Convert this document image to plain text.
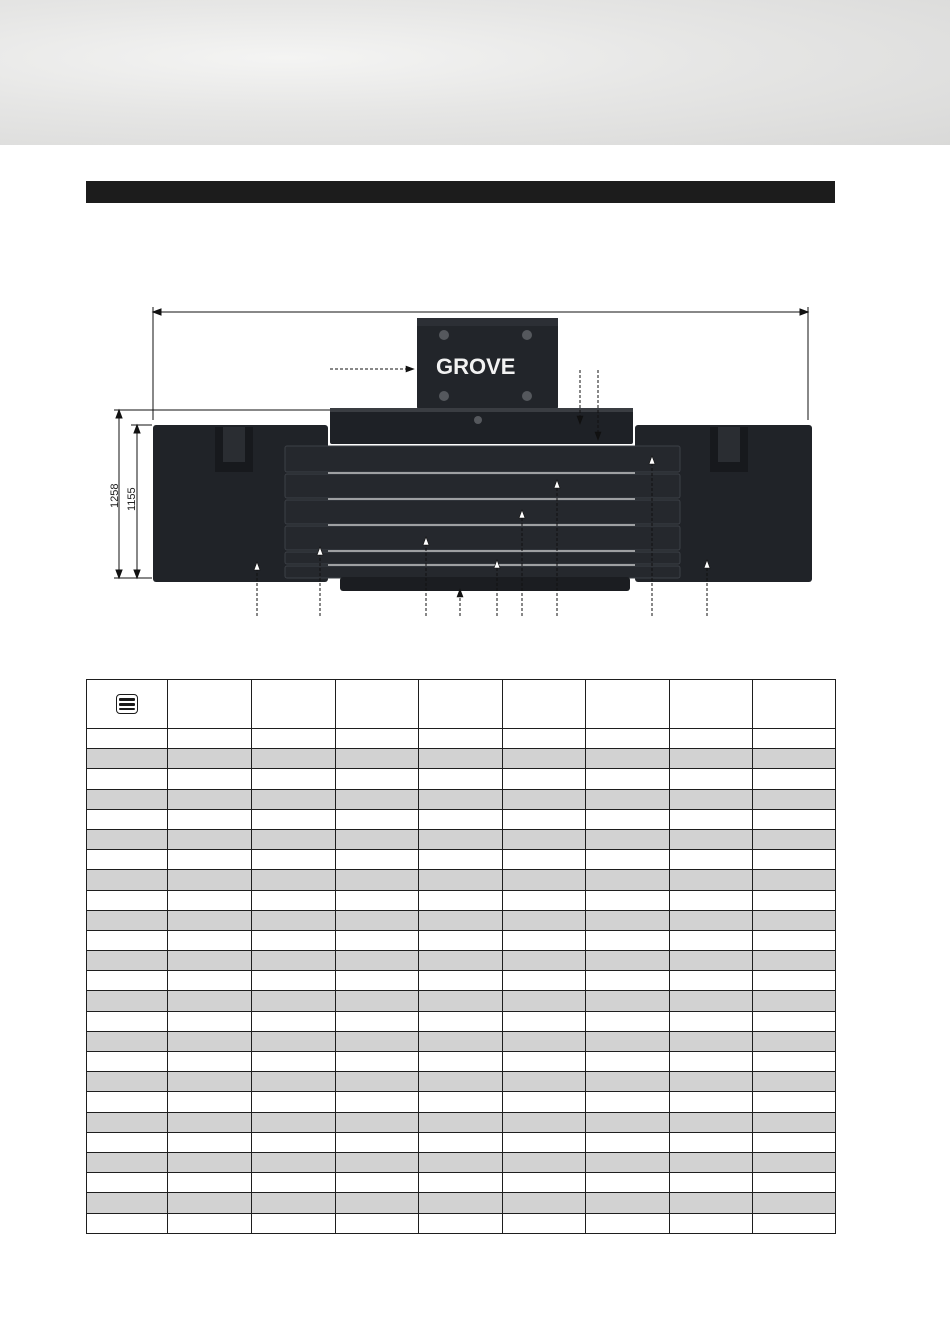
1258 1155
GROVE
